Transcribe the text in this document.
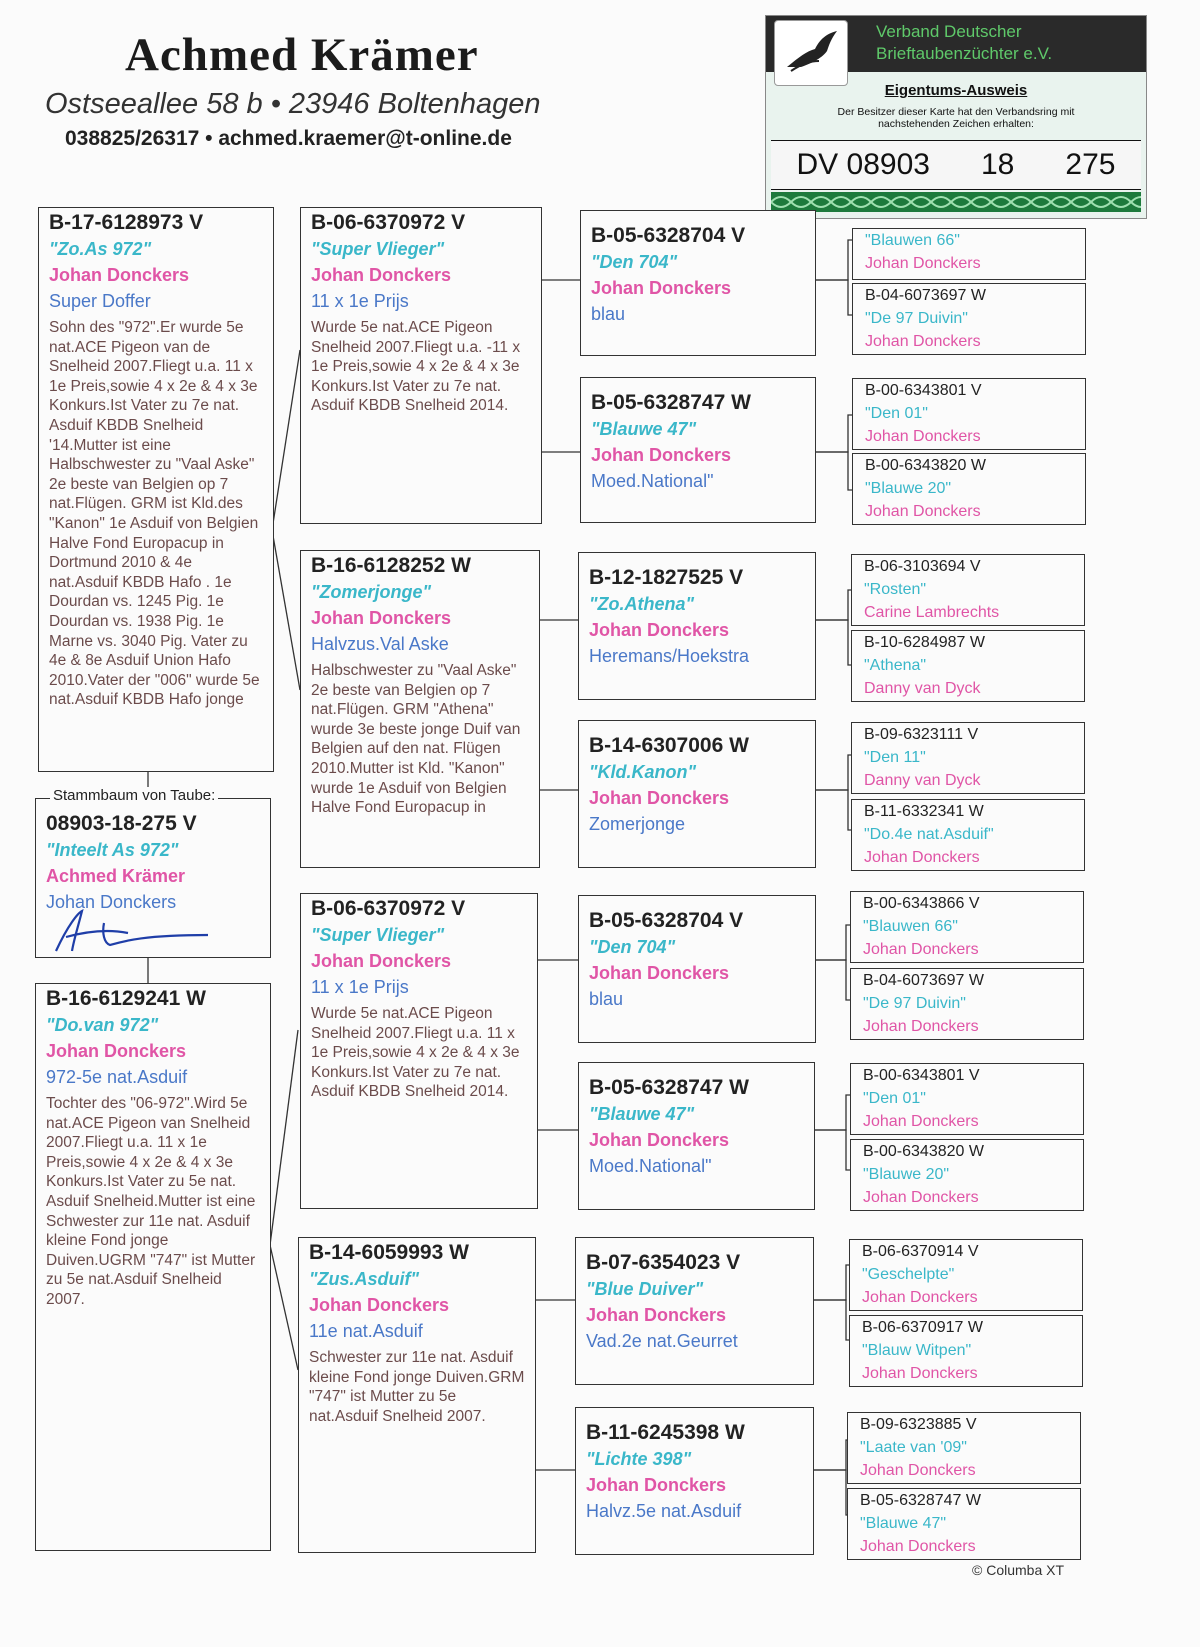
Achmed Krämer
Ostseeallee 58 b • 23946 Boltenhagen
038825/26317 • achmed.kraemer@t-online.de
Verband Deutscher
Brieftaubenzüchter e.V.
Eigentums-Ausweis
Der Besitzer dieser Karte hat den Verbandsring mit nachstehenden Zeichen erhalten:
DV 08903 18 275
B-17-6128973 V
"Zo.As 972"
Johan Donckers
Super Doffer
Sohn des "972".Er wurde 5e nat.ACE Pigeon van de Snelheid 2007.Fliegt u.a. 11 x 1e Preis,sowie 4 x 2e & 4 x 3e Konkurs.Ist Vater zu 7e nat. Asduif KBDB Snelheid '14.Mutter ist eine Halbschwester zu "Vaal Aske" 2e beste van Belgien op 7 nat.Flügen. GRM ist Kld.des "Kanon" 1e Asduif von Belgien Halve Fond Europacup in Dortmund 2010 & 4e nat.Asduif KBDB Hafo . 1e Dourdan vs. 1245 Pig. 1e Dourdan vs. 1938 Pig. 1e Marne vs. 3040 Pig. Vater zu 4e & 8e Asduif Union Hafo 2010.Vater der "006" wurde 5e nat.Asduif KBDB Hafo jonge
08903-18-275 V
"Inteelt As 972"
Achmed Krämer
Johan Donckers
Stammbaum von Taube:
B-16-6129241 W
"Do.van 972"
Johan Donckers
972-5e nat.Asduif
Tochter des "06-972".Wird 5e nat.ACE Pigeon van Snelheid 2007.Fliegt u.a. 11 x 1e Preis,sowie 4 x 2e & 4 x 3e Konkurs.Ist Vater zu 5e nat. Asduif Snelheid.Mutter ist eine Schwester zur 11e nat. Asduif kleine Fond jonge Duiven.UGRM "747" ist Mutter zu 5e nat.Asduif Snelheid 2007.
B-06-6370972 V
"Super Vlieger"
Johan Donckers
11 x 1e Prijs
Wurde 5e nat.ACE Pigeon Snelheid 2007.Fliegt u.a. -11 x 1e Preis,sowie 4 x 2e & 4 x 3e Konkurs.Ist Vater zu 7e nat. Asduif KBDB Snelheid 2014.
B-16-6128252 W
"Zomerjonge"
Johan Donckers
Halvzus.Val Aske
Halbschwester zu "Vaal Aske" 2e beste van Belgien op 7 nat.Flügen. GRM "Athena" wurde 3e beste jonge Duif van Belgien auf den nat. Flügen 2010.Mutter ist Kld. "Kanon" wurde 1e Asduif von Belgien Halve Fond Europacup in
B-06-6370972 V
"Super Vlieger"
Johan Donckers
11 x 1e Prijs
Wurde 5e nat.ACE Pigeon Snelheid 2007.Fliegt u.a. 11 x 1e Preis,sowie 4 x 2e & 4 x 3e Konkurs.Ist Vater zu 7e nat. Asduif KBDB Snelheid 2014.
B-14-6059993 W
"Zus.Asduif"
Johan Donckers
11e nat.Asduif
Schwester zur 11e nat. Asduif kleine Fond jonge Duiven.GRM "747" ist Mutter zu 5e nat.Asduif Snelheid 2007.
B-05-6328704 V
"Den 704"
Johan Donckers
blau
B-05-6328747 W
"Blauwe 47"
Johan Donckers
Moed.National"
B-12-1827525 V
"Zo.Athena"
Johan Donckers
Heremans/Hoekstra
B-14-6307006 W
"Kld.Kanon"
Johan Donckers
Zomerjonge
B-05-6328704 V
"Den 704"
Johan Donckers
blau
B-05-6328747 W
"Blauwe 47"
Johan Donckers
Moed.National"
B-07-6354023 V
"Blue Duiver"
Johan Donckers
Vad.2e nat.Geurret
B-11-6245398 W
"Lichte 398"
Johan Donckers
Halvz.5e nat.Asduif
"Blauwen 66"
Johan Donckers
B-04-6073697 W
"De 97 Duivin"
Johan Donckers
B-00-6343801 V
"Den 01"
Johan Donckers
B-00-6343820 W
"Blauwe 20"
Johan Donckers
B-06-3103694 V
"Rosten"
Carine Lambrechts
B-10-6284987 W
"Athena"
Danny van Dyck
B-09-6323111 V
"Den 11"
Danny van Dyck
B-11-6332341 W
"Do.4e nat.Asduif"
Johan Donckers
B-00-6343866 V
"Blauwen 66"
Johan Donckers
B-04-6073697 W
"De 97 Duivin"
Johan Donckers
B-00-6343801 V
"Den 01"
Johan Donckers
B-00-6343820 W
"Blauwe 20"
Johan Donckers
B-06-6370914 V
"Geschelpte"
Johan Donckers
B-06-6370917 W
"Blauw Witpen"
Johan Donckers
B-09-6323885 V
"Laate van '09"
Johan Donckers
B-05-6328747 W
"Blauwe 47"
Johan Donckers
© Columba XT
